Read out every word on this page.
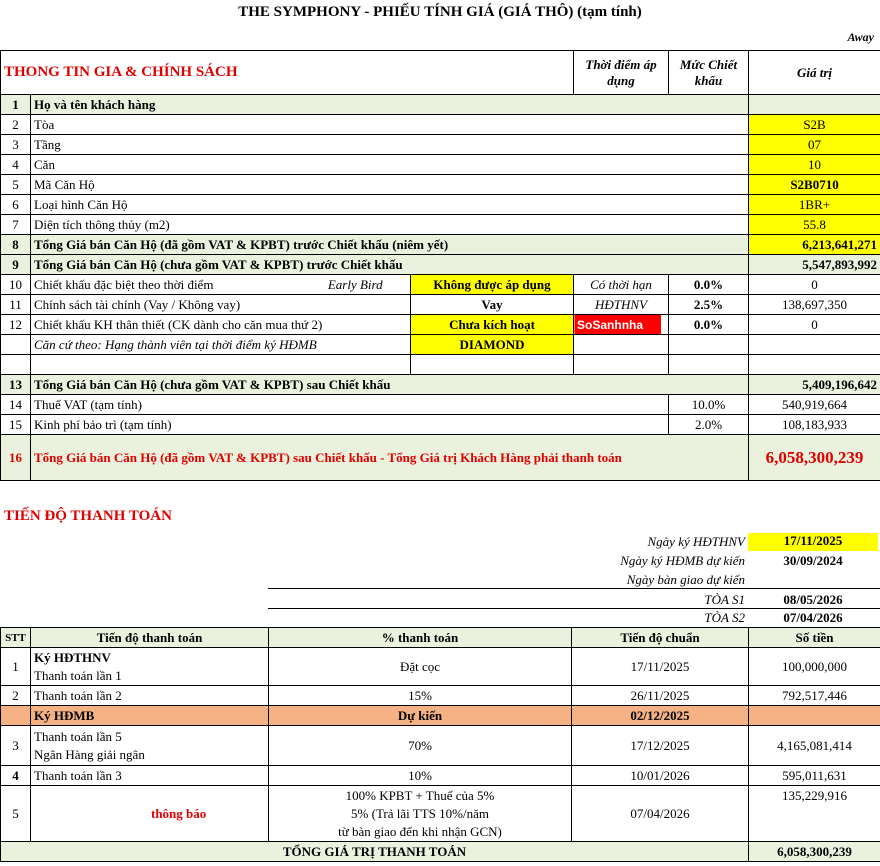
THE SYMPHONY - PHIẾU TÍNH GIÁ (GIÁ THÔ) (tạm tính)
Away
THONG TIN GIA & CHÍNH SÁCH				Thời điểm áp dụng	Mức Chiết khấu	Giá trị
1	Họ và tên khách hàng					
2	Tòa					S2B
3	Tầng					07
4	Căn					10
5	Mã Căn Hộ					S2B0710
6	Loại hình Căn Hộ					1BR+
7	Diện tích thông thủy (m2)					55.8
8	Tổng Giá bán Căn Hộ (đã gồm VAT & KPBT) trước Chiết khấu (niêm yết)					6,213,641,271
9	Tổng Giá bán Căn Hộ (chưa gồm VAT & KPBT) trước Chiết khấu					5,547,893,992
10	Chiết khấu đặc biệt theo thời điểm	Early Bird	Không được áp dụng	Có thời hạn	0.0%	0
11	Chính sách tài chính (Vay / Không vay)		Vay	HĐTHNV	2.5%	138,697,350
12	Chiết khấu KH thân thiết (CK dành cho căn mua thứ 2)		Chưa kích hoạt	SoSanhnha	0.0%	0
	Căn cứ theo: Hạng thành viên tại thời điểm ký HĐMB		DIAMOND			

13	Tổng Giá bán Căn Hộ (chưa gồm VAT & KPBT) sau Chiết khấu					5,409,196,642
14	Thuế VAT (tạm tính)				10.0%	540,919,664
15	Kinh phí bảo trì (tạm tính)				2.0%	108,183,933
16	Tổng Giá bán Căn Hộ (đã gồm VAT & KPBT) sau Chiết khấu - Tổng Giá trị Khách Hàng phải thanh toán					6,058,300,239
TIẾN ĐỘ THANH TOÁN
Ngày ký HĐTHNV	17/11/2025
Ngày ký HĐMB dự kiến	30/09/2024
Ngày bàn giao dự kiến
TÒA S1	08/05/2026
TÒA S2	07/04/2026
STT	Tiến độ thanh toán	% thanh toán	Tiến độ chuẩn	Số tiền
1	Ký HĐTHNV
Thanh toán lần 1	Đặt cọc	17/11/2025	100,000,000
2	Thanh toán lần 2	15%	26/11/2025	792,517,446
	Ký HĐMB	Dự kiến	02/12/2025	
3	Thanh toán lần 5
Ngân Hàng giải ngân	70%	17/12/2025	4,165,081,414
4	Thanh toán lần 3	10%	10/01/2026	595,011,631
5	thông báo	100% KPBT + Thuế của 5%
5% (Trả lãi TTS 10%/năm
từ bàn giao đến khi nhận GCN)	07/04/2026	135,229,916
TỔNG GIÁ TRỊ THANH TOÁN				6,058,300,239
